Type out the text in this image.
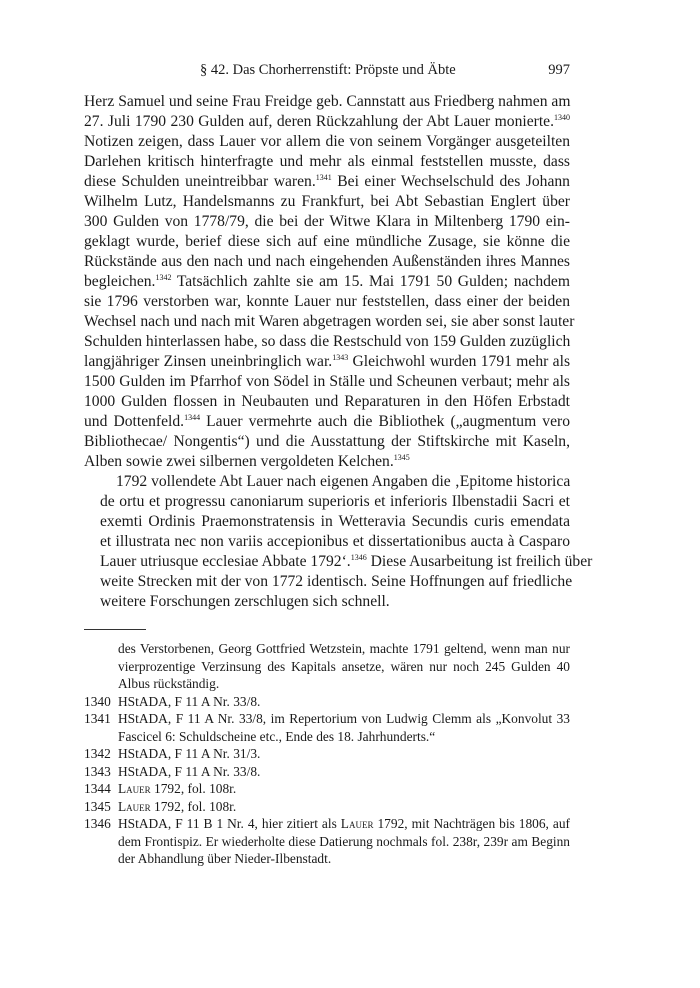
§ 42. Das Chorherrenstift: Pröpste und Äbte	997

Herz Samuel und seine Frau Freidge geb. Cannstatt aus Friedberg nahmen am
27. Juli 1790 230 Gulden auf, deren Rückzahlung der Abt Lauer monierte.$^{1340}$
Notizen zeigen, dass Lauer vor allem die von seinem Vorgänger ausgeteilten
Darlehen kritisch hinterfragte und mehr als einmal feststellen musste, dass
diese Schulden uneintreibbar waren.$^{1341}$ Bei einer Wechselschuld des Johann
Wilhelm Lutz, Handelsmanns zu Frankfurt, bei Abt Sebastian Englert über
300 Gulden von 1778/79, die bei der Witwe Klara in Miltenberg 1790 ein-
geklagt wurde, berief diese sich auf eine mündliche Zusage, sie könne die
Rückstände aus den nach und nach eingehenden Außenständen ihres Mannes
begleichen.$^{1342}$ Tatsächlich zahlte sie am 15. Mai 1791 50 Gulden; nachdem
sie 1796 verstorben war, konnte Lauer nur feststellen, dass einer der beiden
Wechsel nach und nach mit Waren abgetragen worden sei, sie aber sonst lauter
Schulden hinterlassen habe, so dass die Restschuld von 159 Gulden zuzüglich
langjähriger Zinsen uneinbringlich war.$^{1343}$ Gleichwohl wurden 1791 mehr als
1500 Gulden im Pfarrhof von Södel in Ställe und Scheunen verbaut; mehr als
1000 Gulden flossen in Neubauten und Reparaturen in den Höfen Erbstadt
und Dottenfeld.$^{1344}$ Lauer vermehrte auch die Bibliothek („augmentum vero
Bibliothecae/ Nongentis“) und die Ausstattung der Stiftskirche mit Kaseln,
Alben sowie zwei silbernen vergoldeten Kelchen.$^{1345}$

1792 vollendete Abt Lauer nach eigenen Angaben die ‚Epitome historica
de ortu et progressu canoniarum superioris et inferioris Ilbenstadii Sacri et
exemti Ordinis Praemonstratensis in Wetteravia Secundis curis emendata
et illustrata nec non variis accepionibus et dissertationibus aucta à Casparo
Lauer utriusque ecclesiae Abbate 1792‘.$^{1346}$ Diese Ausarbeitung ist freilich über
weite Strecken mit der von 1772 identisch. Seine Hoffnungen auf friedliche
weitere Forschungen zerschlugen sich schnell.

des Verstorbenen, Georg Gottfried Wetzstein, machte 1791 geltend, wenn man nur vierprozentige Verzinsung des Kapitals ansetze, wären nur noch 245 Gulden 40 Albus rückständig.
1340 HStADA, F 11 A Nr. 33/8.
1341 HStADA, F 11 A Nr. 33/8, im Repertorium von Ludwig Clemm als „Konvolut 33 Fascicel 6: Schuldscheine etc., Ende des 18. Jahrhunderts.“
1342 HStADA, F 11 A Nr. 31/3.
1343 HStADA, F 11 A Nr. 33/8.
1344 Lauer 1792, fol. 108r.
1345 Lauer 1792, fol. 108r.
1346 HStADA, F 11 B 1 Nr. 4, hier zitiert als Lauer 1792, mit Nachträgen bis 1806, auf dem Frontispiz. Er wiederholte diese Datierung nochmals fol. 238r, 239r am Beginn der Abhandlung über Nieder-Ilbenstadt.
